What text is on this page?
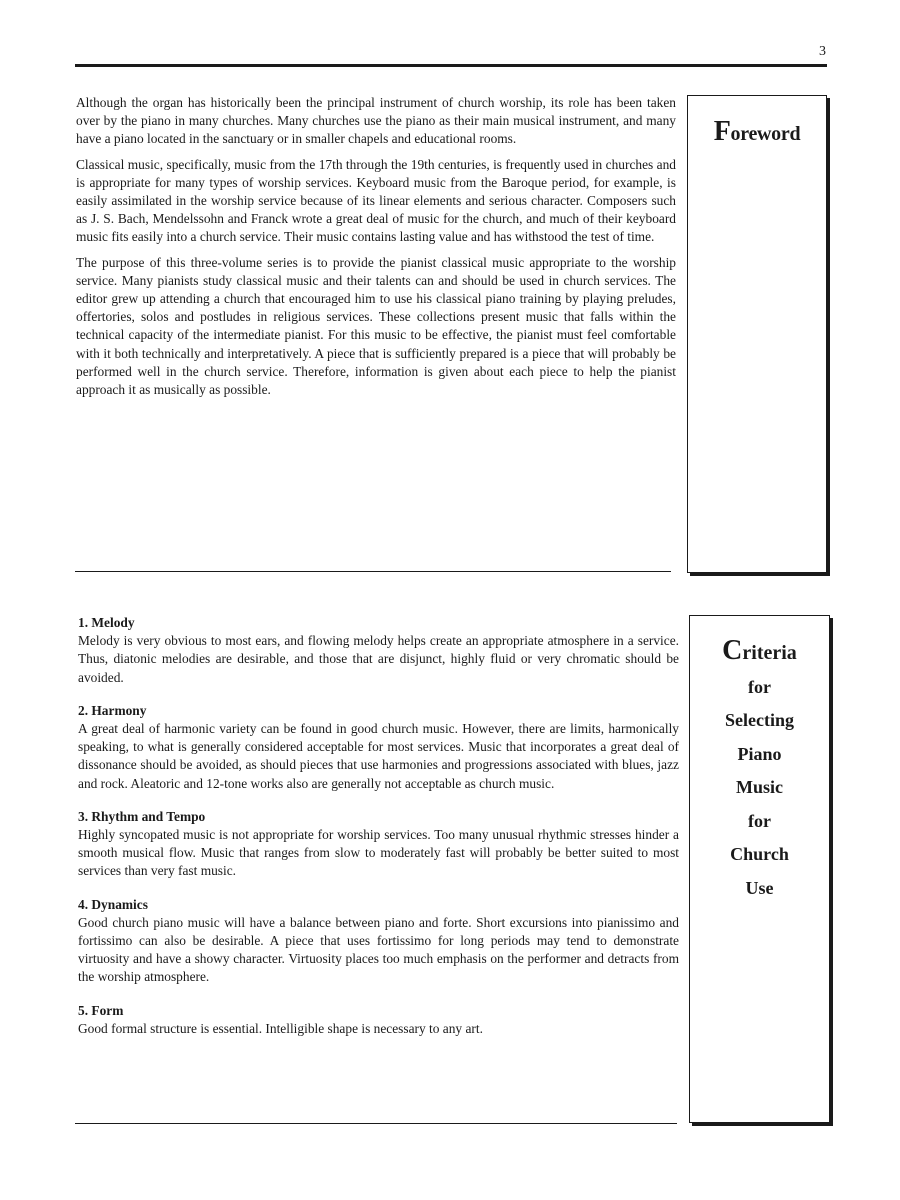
3

Although the organ has historically been the principal instrument of church worship, its role has been taken over by the piano in many churches. Many churches use the piano as their main musical instrument, and many have a piano located in the sanctuary or in smaller chapels and educational rooms.

Classical music, specifically, music from the 17th through the 19th centuries, is frequently used in churches and is appropriate for many types of worship services. Keyboard music from the Baroque period, for example, is easily assimilated in the worship service because of its linear elements and serious character. Composers such as J. S. Bach, Mendelssohn and Franck wrote a great deal of music for the church, and much of their keyboard music fits easily into a church service. Their music contains lasting value and has withstood the test of time.

The purpose of this three-volume series is to provide the pianist classical music appropriate to the worship service. Many pianists study classical music and their talents can and should be used in church services. The editor grew up attending a church that encouraged him to use his classical piano training by playing preludes, offertories, solos and postludes in religious services. These collections present music that falls within the technical capacity of the intermediate pianist. For this music to be effective, the pianist must feel comfortable with it both technically and interpretatively. A piece that is sufficiently prepared is a piece that will probably be performed well in the church service. Therefore, information is given about each piece to help the pianist approach it as musically as possible.

Foreword
1. Melody
Melody is very obvious to most ears, and flowing melody helps create an appropriate atmosphere in a service. Thus, diatonic melodies are desirable, and those that are disjunct, highly fluid or very chromatic should be avoided.
2. Harmony
A great deal of harmonic variety can be found in good church music. However, there are limits, harmonically speaking, to what is generally considered acceptable for most services. Music that incorporates a great deal of dissonance should be avoided, as should pieces that use harmonies and progressions associated with blues, jazz and rock. Aleatoric and 12-tone works also are generally not acceptable as church music.
3. Rhythm and Tempo
Highly syncopated music is not appropriate for worship services. Too many unusual rhythmic stresses hinder a smooth musical flow. Music that ranges from slow to moderately fast will probably be better suited to most services than very fast music.
4. Dynamics
Good church piano music will have a balance between piano and forte. Short excursions into pianissimo and fortissimo can also be desirable. A piece that uses fortissimo for long periods may tend to demonstrate virtuosity and have a showy character. Virtuosity places too much emphasis on the performer and detracts from the worship atmosphere.
5. Form
Good formal structure is essential. Intelligible shape is necessary to any art.
Criteria
for
Selecting
Piano
Music
for
Church
Use
